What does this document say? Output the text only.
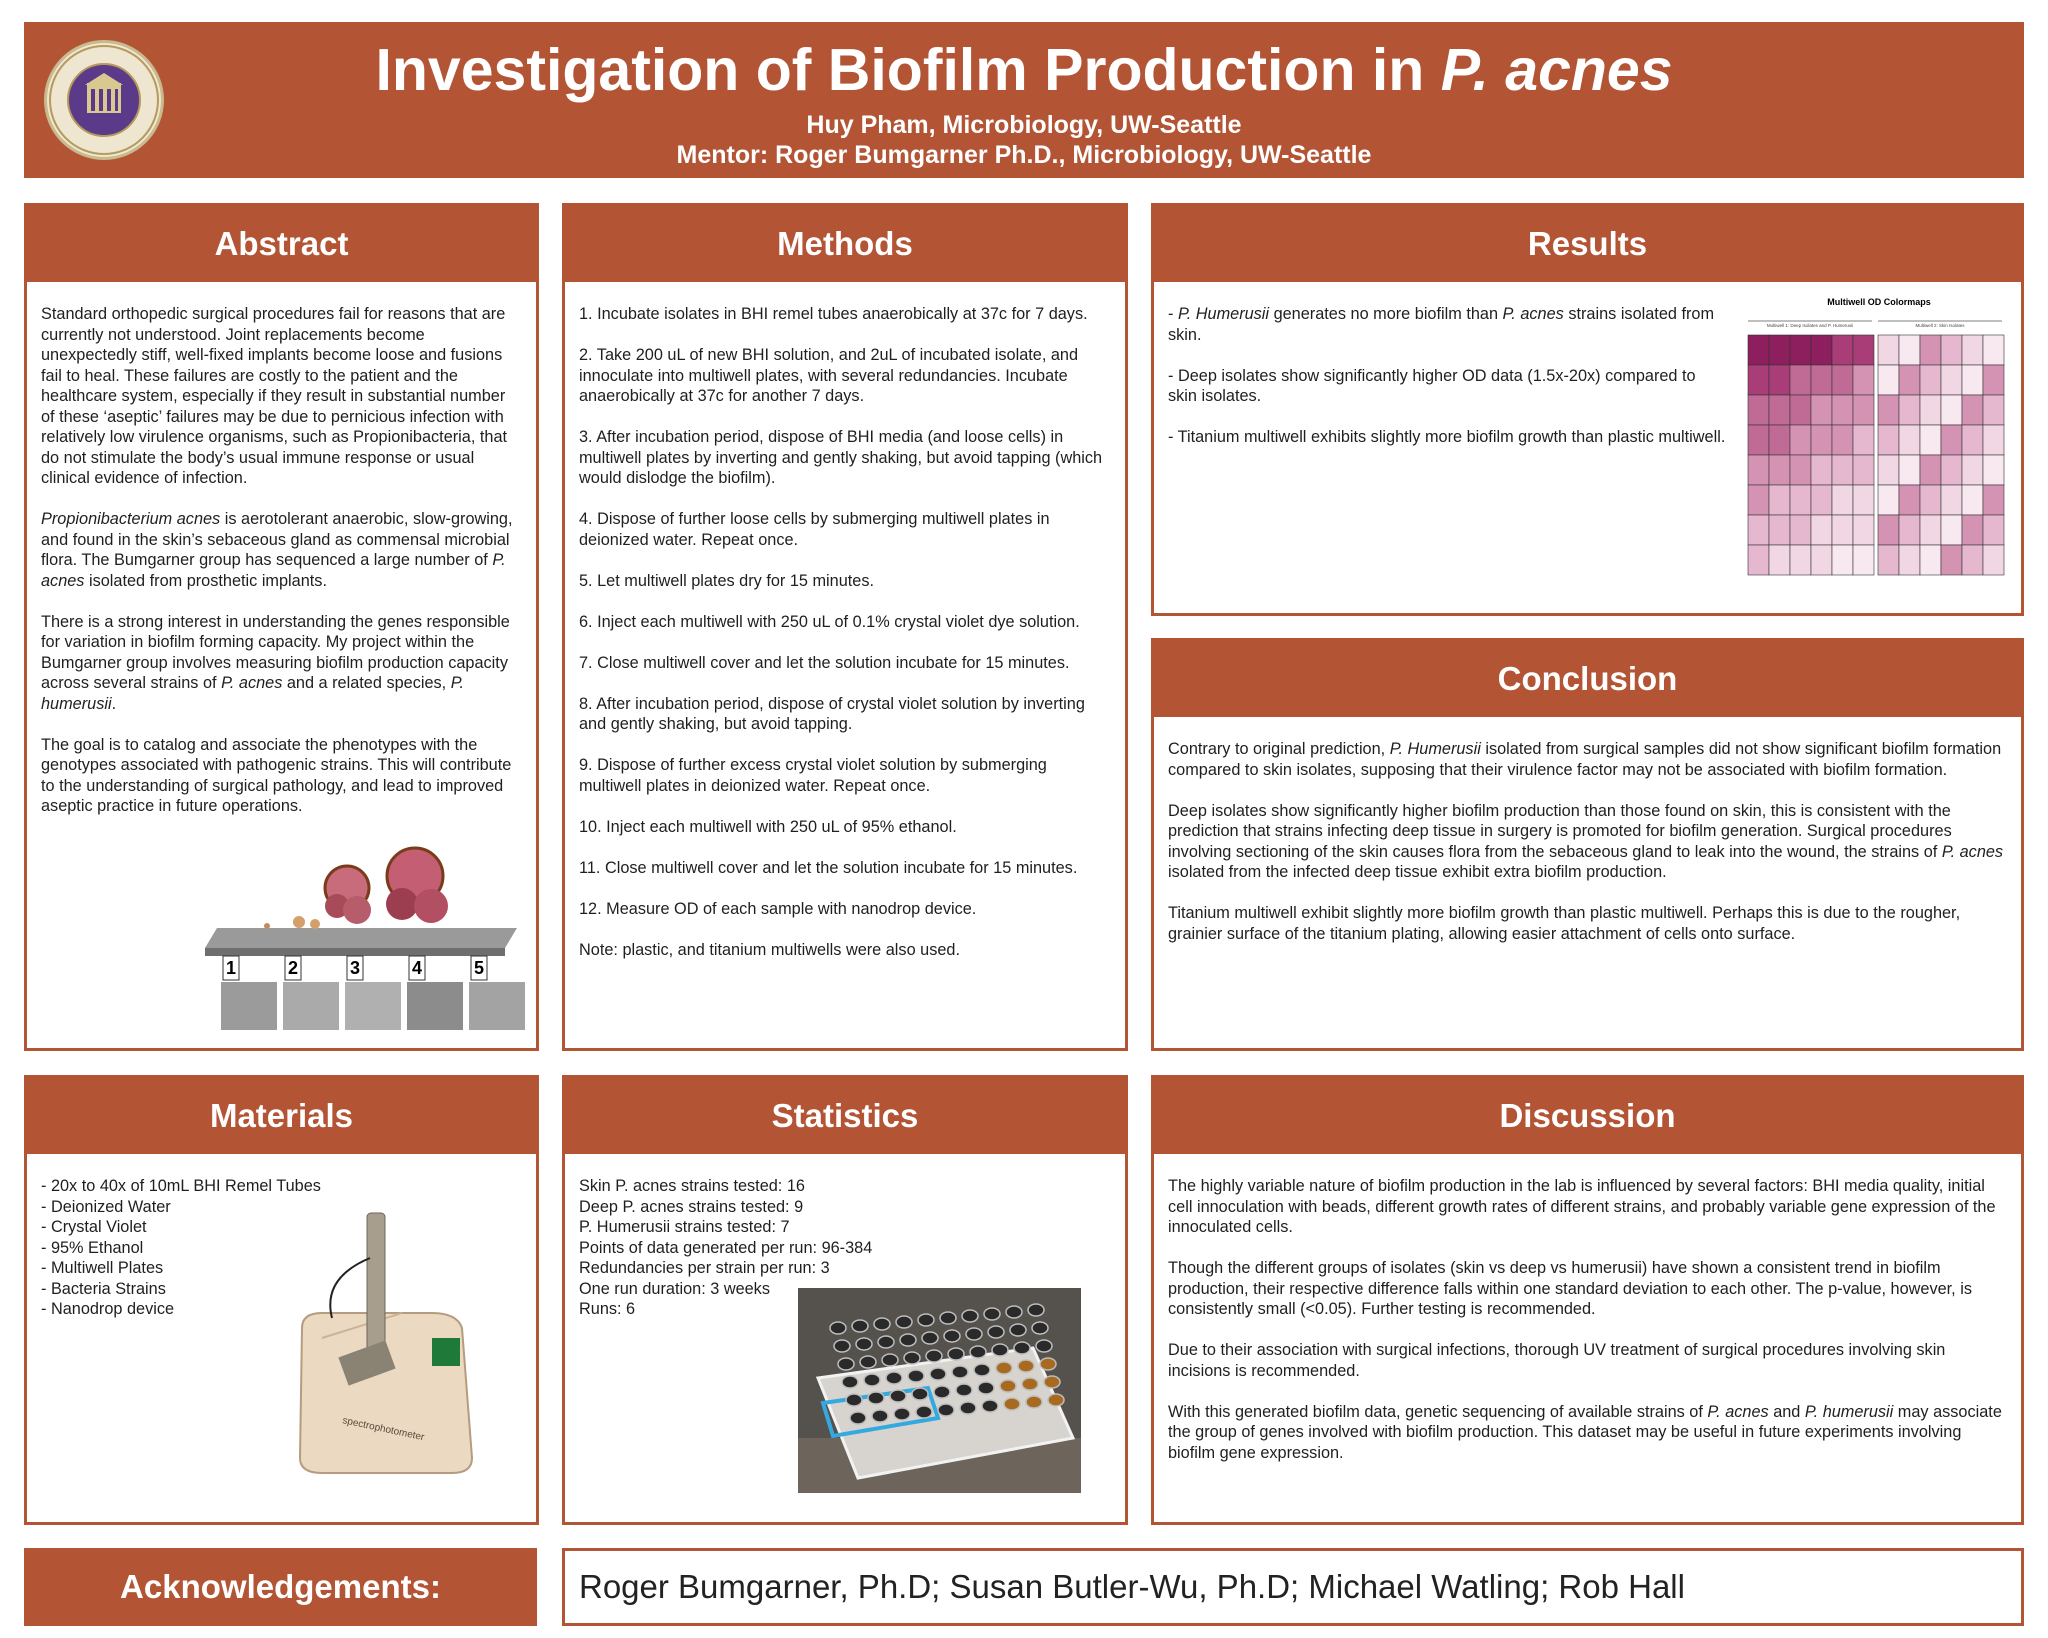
Investigation of Biofilm Production in P. acnes
Huy Pham, Microbiology, UW-Seattle
Mentor: Roger Bumgarner Ph.D., Microbiology, UW-Seattle
Abstract

Standard orthopedic surgical procedures fail for reasons that are currently not understood. Joint replacements become unexpectedly stiff, well-fixed implants become loose and fusions fail to heal. These failures are costly to the patient and the healthcare system, especially if they result in substantial number of these ‘aseptic’ failures may be due to pernicious infection with relatively low virulence organisms, such as Propionibacteria, that do not stimulate the body’s usual immune response or usual clinical evidence of infection.

Propionibacterium acnes is aerotolerant anaerobic, slow-growing, and found in the skin’s sebaceous gland as commensal microbial flora. The Bumgarner group has sequenced a large number of P. acnes isolated from prosthetic implants.

There is a strong interest in understanding the genes responsible for variation in biofilm forming capacity. My project within the Bumgarner group involves measuring biofilm production capacity across several strains of P. acnes and a related species, P. humerusii.

The goal is to catalog and associate the phenotypes with the genotypes associated with pathogenic strains. This will contribute to the understanding of surgical pathology, and lead to improved aseptic practice in future operations.

1	2	3	4	5
Methods

1. Incubate isolates in BHI remel tubes anaerobically at 37c for 7 days.

2. Take 200 uL of new BHI solution, and 2uL of incubated isolate, and innoculate into multiwell plates, with several redundancies. Incubate anaerobically at 37c for another 7 days.

3. After incubation period, dispose of BHI media (and loose cells) in multiwell plates by inverting and gently shaking, but avoid tapping (which would dislodge the biofilm).

4. Dispose of further loose cells by submerging multiwell plates in deionized water. Repeat once.

5. Let multiwell plates dry for 15 minutes.

6. Inject each multiwell with 250 uL of 0.1% crystal violet dye solution.

7. Close multiwell cover and let the solution incubate for 15 minutes.

8. After incubation period, dispose of crystal violet solution by inverting and gently shaking, but avoid tapping.

9. Dispose of further excess crystal violet solution by submerging multiwell plates in deionized water. Repeat once.

10. Inject each multiwell with 250 uL of 95% ethanol.

11. Close multiwell cover and let the solution incubate for 15 minutes.

12. Measure OD of each sample with nanodrop device.

Note: plastic, and titanium multiwells were also used.

Results

- P. Humerusii generates no more biofilm than P. acnes strains isolated from skin.

- Deep isolates show significantly higher OD data (1.5x-20x) compared to skin isolates.

- Titanium multiwell exhibits slightly more biofilm growth than plastic multiwell.

Multiwell OD Colormaps
Multiwell 1: Deep Isolates and P. Humerusii	Multiwell 2: Skin Isolates
Conclusion

Contrary to original prediction, P. Humerusii isolated from surgical samples did not show significant biofilm formation compared to skin isolates, supposing that their virulence factor may not be associated with biofilm formation.

Deep isolates show significantly higher biofilm production than those found on skin, this is consistent with the prediction that strains infecting deep tissue in surgery is promoted for biofilm generation. Surgical procedures involving sectioning of the skin causes flora from the sebaceous gland to leak into the wound, the strains of P. acnes isolated from the infected deep tissue exhibit extra biofilm production.

Titanium multiwell exhibit slightly more biofilm growth than plastic multiwell. Perhaps this is due to the rougher, grainier surface of the titanium plating, allowing easier attachment of cells onto surface.

Materials
- 20x to 40x of 10mL BHI Remel Tubes
- Deionized Water
- Crystal Violet
- 95% Ethanol
- Multiwell Plates
- Bacteria Strains
- Nanodrop device
spectrophotometer
Statistics
Skin P. acnes strains tested: 16
Deep P. acnes strains tested: 9
P. Humerusii strains tested: 7
Points of data generated per run: 96-384
Redundancies per strain per run: 3
One run duration: 3 weeks
Runs: 6
Discussion

The highly variable nature of biofilm production in the lab is influenced by several factors: BHI media quality, initial cell innoculation with beads, different growth rates of different strains, and probably variable gene expression of the innoculated cells.

Though the different groups of isolates (skin vs deep vs humerusii) have shown a consistent trend in biofilm production, their respective difference falls within one standard deviation to each other. The p-value, however, is consistently small (<0.05). Further testing is recommended.

Due to their association with surgical infections, thorough UV treatment of surgical procedures involving skin incisions is recommended.

With this generated biofilm data, genetic sequencing of available strains of P. acnes and P. humerusii may associate the group of genes involved with biofilm production. This dataset may be useful in future experiments involving biofilm gene expression.

Acknowledgements:	Roger Bumgarner, Ph.D; Susan Butler-Wu, Ph.D; Michael Watling; Rob Hall
